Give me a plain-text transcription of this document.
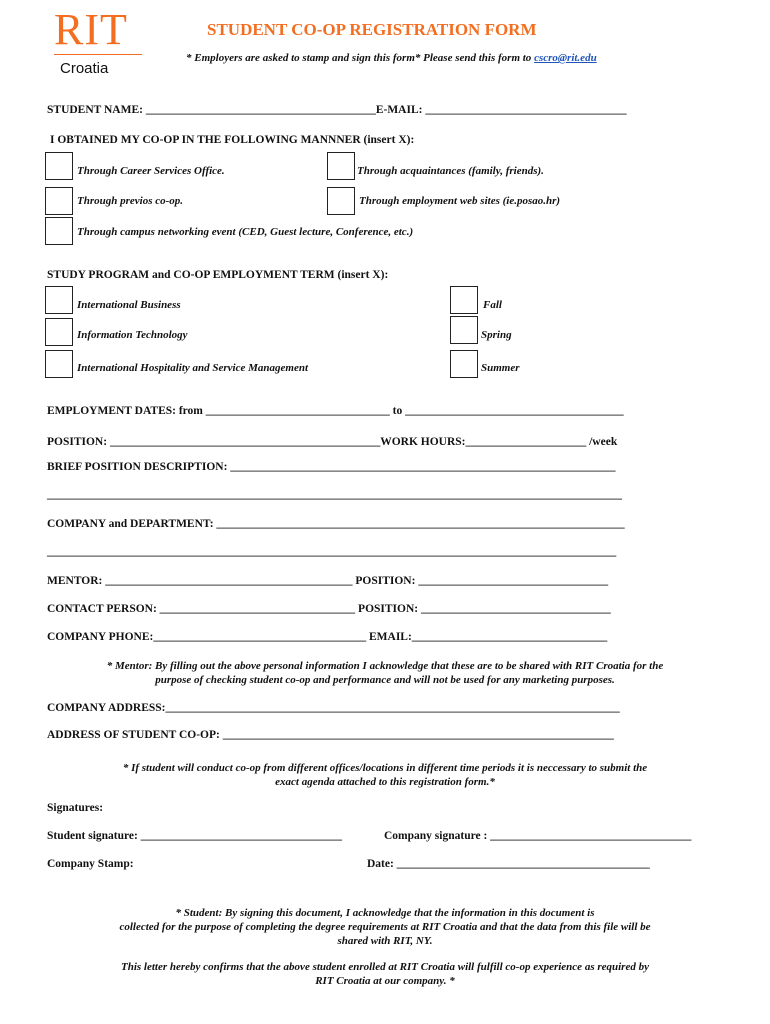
RIT
Croatia
STUDENT CO-OP REGISTRATION FORM
* Employers are asked to stamp and sign this form* Please send this form to cscro@rit.edu
STUDENT NAME: ________________________________________E-MAIL: ___________________________________
I OBTAINED MY CO-OP IN THE FOLLOWING MANNNER (insert X):
Through Career Services Office.	Through acquaintances (family, friends).
Through previos co-op.	Through employment web sites (ie.posao.hr)
Through campus networking event (CED, Guest lecture, Conference, etc.)
STUDY PROGRAM and CO-OP EMPLOYMENT TERM (insert X):
International Business	Fall
Information Technology	Spring
International Hospitality and Service Management	Summer
EMPLOYMENT DATES: from ________________________________ to ______________________________________
POSITION: _______________________________________________WORK HOURS:_____________________ /week
BRIEF POSITION DESCRIPTION: ___________________________________________________________________
____________________________________________________________________________________________________
COMPANY and DEPARTMENT: _______________________________________________________________________
___________________________________________________________________________________________________
MENTOR: ___________________________________________ POSITION: _________________________________
CONTACT PERSON: __________________________________ POSITION: _________________________________
COMPANY PHONE:_____________________________________ EMAIL:__________________________________
* Mentor: By filling out the above personal information I acknowledge that these are to be shared with RIT Croatia for the
purpose of checking student co-op and performance and will not be used for any marketing purposes.
COMPANY ADDRESS:_______________________________________________________________________________
ADDRESS OF STUDENT CO-OP: ____________________________________________________________________
* If student will conduct co-op from different offices/locations in different time periods it is neccessary to submit the
exact agenda attached to this registration form.*
Signatures:
Student signature: ___________________________________	Company signature : ___________________________________
Company Stamp:	Date: ____________________________________________
* Student: By signing this document, I acknowledge that the information in this document is
collected for the purpose of completing the degree requirements at RIT Croatia and that the data from this file will be
shared with RIT, NY.
This letter hereby confirms that the above student enrolled at RIT Croatia will fulfill co-op experience as required by
RIT Croatia at our company. *
